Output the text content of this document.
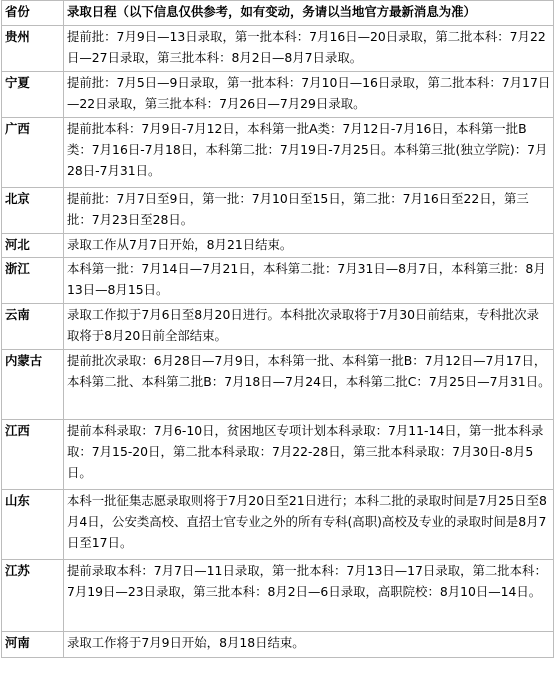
省份	录取日程（以下信息仅供参考，如有变动，务请以当地官方最新消息为准）
贵州	提前批：7月9日—13日录取，第一批本科：7月16日—20日录取，第二批本科：7月22日—27日录取，第三批本科：8月2日—8月7日录取。
宁夏	提前批：7月5日—9日录取，第一批本科：7月10日—16日录取，第二批本科：7月17日—22日录取，第三批本科：7月26日—7月29日录取。
广西	提前批本科：7月9日-7月12日，本科第一批A类：7月12日-7月16日，本科第一批B类：7月16日-7月18日，本科第二批：7月19日-7月25日。本科第三批(独立学院)：7月28日-7月31日。
北京	提前批：7月7日至9日，第一批：7月10日至15日，第二批：7月16日至22日，第三批：7月23日至28日。
河北	录取工作从7月7日开始，8月21日结束。
浙江	本科第一批：7月14日—7月21日，本科第二批：7月31日—8月7日，本科第三批：8月13日—8月15日。
云南	录取工作拟于7月6日至8月20日进行。本科批次录取将于7月30日前结束，专科批次录取将于8月20日前全部结束。
内蒙古	提前批次录取：6月28日—7月9日，本科第一批、本科第一批B：7月12日—7月17日，本科第二批、本科第二批B：7月18日—7月24日，本科第二批C：7月25日—7月31日。
江西	提前本科录取：7月6-10日，贫困地区专项计划本科录取：7月11-14日，第一批本科录取：7月15-20日，第二批本科录取：7月22-28日，第三批本科录取：7月30日-8月5日。
山东	本科一批征集志愿录取则将于7月20日至21日进行；本科二批的录取时间是7月25日至8月4日，公安类高校、直招士官专业之外的所有专科(高职)高校及专业的录取时间是8月7日至17日。
江苏	提前录取本科：7月7日—11日录取，第一批本科：7月13日—17日录取，第二批本科：7月19日—23日录取，第三批本科：8月2日—6日录取，高职院校：8月10日—14日。
河南	录取工作将于7月9日开始，8月18日结束。
